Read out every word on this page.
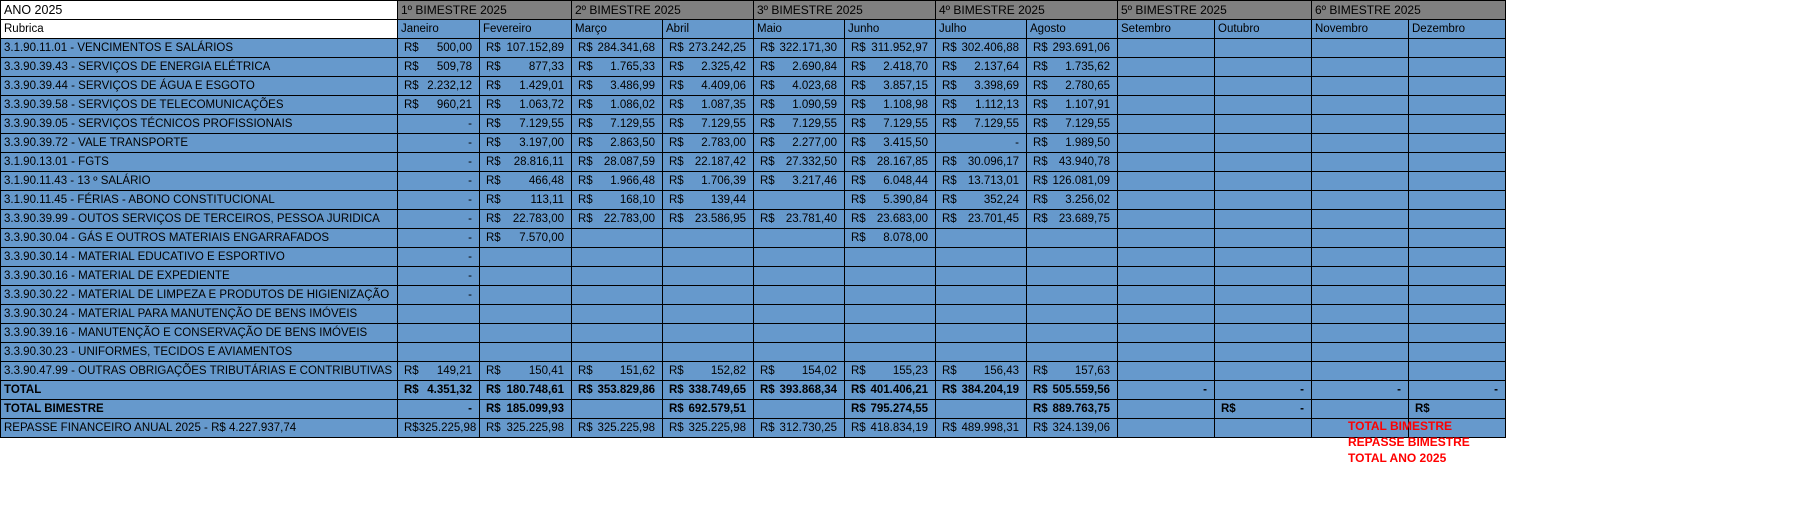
ANO 2025	1º BIMESTRE 2025		2º BIMESTRE 2025		3º BIMESTRE 2025		4º BIMESTRE 2025		5º BIMESTRE 2025		6º BIMESTRE 2025	
Rubrica	Janeiro	Fevereiro	Março	Abril	Maio	Junho	Julho	Agosto	Setembro	Outubro	Novembro	Dezembro
3.1.90.11.01 - VENCIMENTOS E SALÁRIOS	R$ 500,00	R$ 107.152,89	R$ 284.341,68	R$ 273.242,25	R$ 322.171,30	R$ 311.952,97	R$ 302.406,88	R$ 293.691,06				

3.3.90.39.43 - SERVIÇOS DE ENERGIA ELÉTRICA	R$ 509,78	R$ 877,33	R$ 1.765,33	R$ 2.325,42	R$ 2.690,84	R$ 2.418,70	R$ 2.137,64	R$ 1.735,62				

3.3.90.39.44 - SERVIÇOS DE ÁGUA E ESGOTO	R$ 2.232,12	R$ 1.429,01	R$ 3.486,99	R$ 4.409,06	R$ 4.023,68	R$ 3.857,15	R$ 3.398,69	R$ 2.780,65				

3.3.90.39.58 - SERVIÇOS DE TELECOMUNICAÇÕES	R$ 960,21	R$ 1.063,72	R$ 1.086,02	R$ 1.087,35	R$ 1.090,59	R$ 1.108,98	R$ 1.112,13	R$ 1.107,91				

3.3.90.39.05 - SERVIÇOS TÉCNICOS PROFISSIONAIS	-	R$ 7.129,55	R$ 7.129,55	R$ 7.129,55	R$ 7.129,55	R$ 7.129,55	R$ 7.129,55	R$ 7.129,55				

3.3.90.39.72 - VALE TRANSPORTE	-	R$ 3.197,00	R$ 2.863,50	R$ 2.783,00	R$ 2.277,00	R$ 3.415,50	-	R$ 1.989,50				

3.1.90.13.01 - FGTS	-	R$ 28.816,11	R$ 28.087,59	R$ 22.187,42	R$ 27.332,50	R$ 28.167,85	R$ 30.096,17	R$ 43.940,78				

3.1.90.11.43 - 13 º SALÁRIO	-	R$ 466,48	R$ 1.966,48	R$ 1.706,39	R$ 3.217,46	R$ 6.048,44	R$ 13.713,01	R$ 126.081,09				

3.1.90.11.45 - FÉRIAS - ABONO CONSTITUCIONAL	-	R$ 113,11	R$ 168,10	R$ 139,44		R$ 5.390,84	R$ 352,24	R$ 3.256,02				

3.3.90.39.99 - OUTOS SERVIÇOS DE TERCEIROS, PESSOA JURIDICA	-	R$ 22.783,00	R$ 22.783,00	R$ 23.586,95	R$ 23.781,40	R$ 23.683,00	R$ 23.701,45	R$ 23.689,75				

3.3.90.30.04 - GÁS E OUTROS MATERIAIS ENGARRAFADOS	-	R$ 7.570,00				R$ 8.078,00						

3.3.90.30.14 - MATERIAL EDUCATIVO E ESPORTIVO	-											

3.3.90.30.16 - MATERIAL DE EXPEDIENTE	-											

3.3.90.30.22 - MATERIAL DE LIMPEZA E PRODUTOS DE HIGIENIZAÇÃO	-											

3.3.90.30.24 - MATERIAL PARA MANUTENÇÃO DE BENS IMÓVEIS												
3.3.90.39.16 - MANUTENÇÃO E CONSERVAÇÃO DE BENS IMÓVEIS												
3.3.90.30.23 - UNIFORMES, TECIDOS E AVIAMENTOS												
3.3.90.47.99 - OUTRAS OBRIGAÇÕES TRIBUTÁRIAS E CONTRIBUTIVAS	R$ 149,21	R$ 150,41	R$ 151,62	R$ 152,82	R$ 154,02	R$ 155,23	R$ 156,43	R$ 157,63				

TOTAL	R$ 4.351,32	R$ 180.748,61	R$ 353.829,86	R$ 338.749,65	R$ 393.868,34	R$ 401.406,21	R$ 384.204,19	R$ 505.559,56	-	-	-	-

TOTAL BIMESTRE	-	R$ 185.099,93		R$ 692.579,51		R$ 795.274,55		R$ 889.763,75		R$ -		R$

REPASSE FINANCEIRO ANUAL 2025 - R$ 4.227.937,74	R$ 325.225,98	R$ 325.225,98	R$ 325.225,98	R$ 325.225,98	R$ 312.730,25	R$ 418.834,19	R$ 489.998,31	R$ 324.139,06				
					TOTAL BIMESTRE
REPASSE BIMESTRE
TOTAL ANO 2025
